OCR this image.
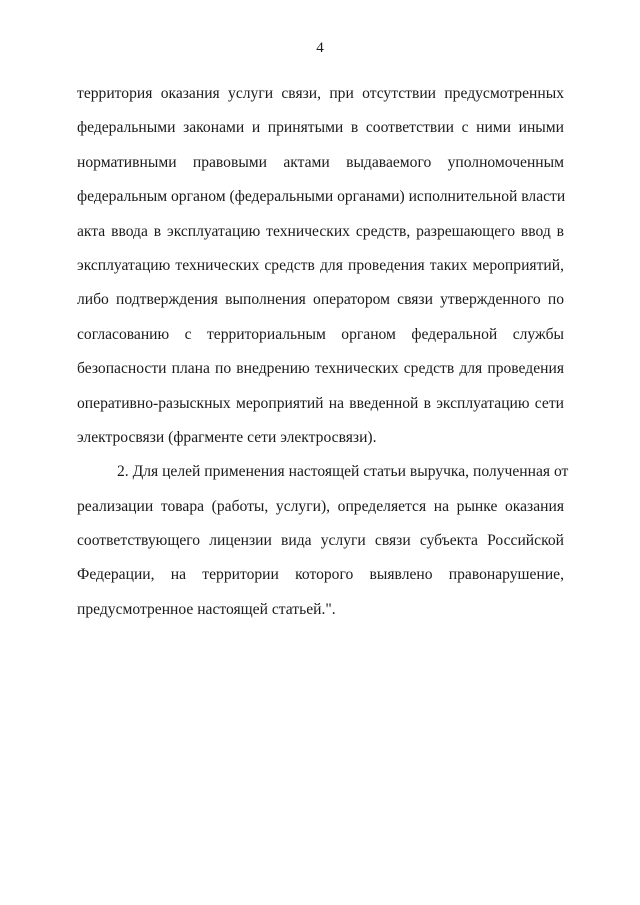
4
территория оказания услуги связи, при отсутствии предусмотренных
федеральными законами и принятыми в соответствии с ними иными
нормативными правовыми актами выдаваемого уполномоченным
федеральным органом (федеральными органами) исполнительной власти
акта ввода в эксплуатацию технических средств, разрешающего ввод в
эксплуатацию технических средств для проведения таких мероприятий,
либо подтверждения выполнения оператором связи утвержденного по
согласованию с территориальным органом федеральной службы
безопасности плана по внедрению технических средств для проведения
оперативно-разыскных мероприятий на введенной в эксплуатацию сети
электросвязи (фрагменте сети электросвязи).
2. Для целей применения настоящей статьи выручка, полученная от
реализации товара (работы, услуги), определяется на рынке оказания
соответствующего лицензии вида услуги связи субъекта Российской
Федерации, на территории которого выявлено правонарушение,
предусмотренное настоящей статьей.".
